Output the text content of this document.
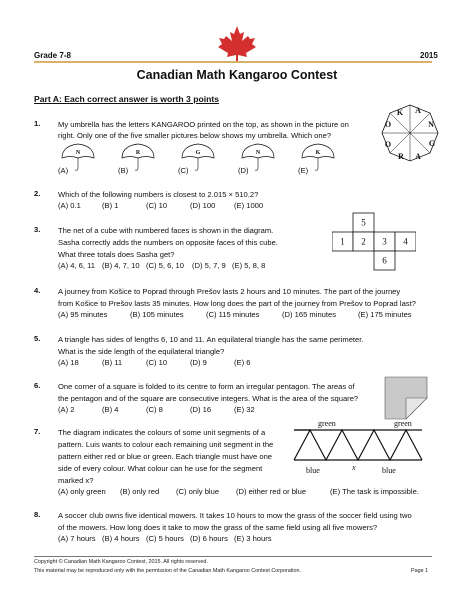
Grade 7-8	2015
Canadian Math Kangaroo Contest
Part A: Each correct answer is worth 3 points
1. My umbrella has the letters KANGAROO printed on the top, as shown in the picture on
right. Only one of the five smaller pictures below shows my umbrella. Which one?
K A
N
G
A
R
O
O
N	R	G	N	K
(A)	(B)	(C)	(D)	(E)
2. Which of the following numbers is closest to 2.015 × 510.2?
(A) 0.1	(B) 1	(C) 10	(D) 100 (E) 1000
3. The net of a cube with numbered faces is shown in the diagram.
Sasha correctly adds the numbers on opposite faces of this cube.
What three totals does Sasha get?
(A) 4, 6, 11 (B) 4, 7, 10 (C) 5, 6, 10 (D) 5, 7, 9 (E) 5, 8, 8
5
1 2 3 4
6
4. A journey from Košice to Poprad through Prešov lasts 2 hours and 10 minutes. The part of the journey
from Košice to Prešov lasts 35 minutes. How long does the part of the journey from Prešov to Poprad last?
(A) 95 minutes	(B) 105 minutes	(C) 115 minutes	(D) 165 minutes	(E) 175 minutes
5. A triangle has sides of lengths 6, 10 and 11. An equilateral triangle has the same perimeter.
What is the side length of the equilateral triangle?
(A) 18	(B) 11	(C) 10	(D) 9	(E) 6
6. One corner of a square is folded to its centre to form an irregular pentagon. The areas of
the pentagon and of the square are consecutive integers. What is the area of the square?
(A) 2	(B) 4	(C) 8	(D) 16	(E) 32
7. The diagram indicates the colours of some unit segments of a
pattern. Luis wants to colour each remaining unit segment in the
pattern either red or blue or green. Each triangle must have one
side of every colour. What colour can he use for the segment
marked x?
(A) only green (B) only red (C) only blue (D) either red or blue	(E) The task is impossible.
green	green
blue	x	blue
8. A soccer club owns five identical mowers. It takes 10 hours to mow the grass of the soccer field using two
of the mowers. How long does it take to mow the grass of the same field using all five mowers?
(A) 7 hours (B) 4 hours (C) 5 hours (D) 6 hours (E) 3 hours
Copyright © Canadian Math Kangaroo Contest, 2015. All rights reserved.
This material may be reproduced only with the permission of the Canadian Math Kangaroo Contest Corporation.	Page 1
